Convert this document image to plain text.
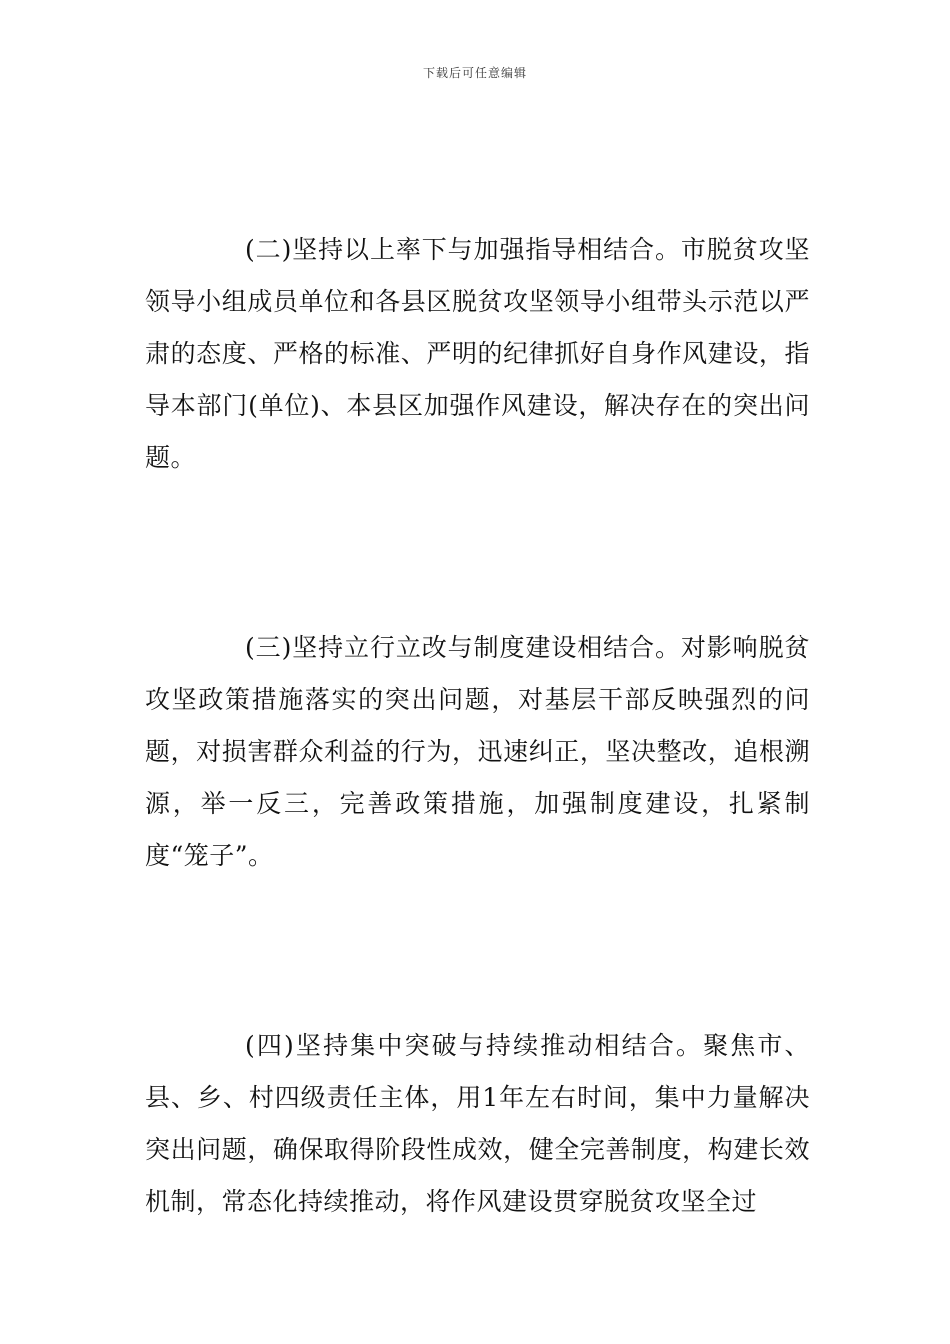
下载后可任意编辑

(二)坚持以上率下与加强指导相结合。市脱贫攻坚领导小组成员单位和各县区脱贫攻坚领导小组带头示范以严肃的态度、严格的标准、严明的纪律抓好自身作风建设，指导本部门(单位)、本县区加强作风建设，解决存在的突出问题。

(三)坚持立行立改与制度建设相结合。对影响脱贫攻坚政策措施落实的突出问题，对基层干部反映强烈的问题，对损害群众利益的行为，迅速纠正，坚决整改，追根溯源，举一反三，完善政策措施，加强制度建设，扎紧制度“笼子”。

(四)坚持集中突破与持续推动相结合。聚焦市、县、乡、村四级责任主体，用1年左右时间，集中力量解决突出问题，确保取得阶段性成效，健全完善制度，构建长效机制，常态化持续推动，将作风建设贯穿脱贫攻坚全过
